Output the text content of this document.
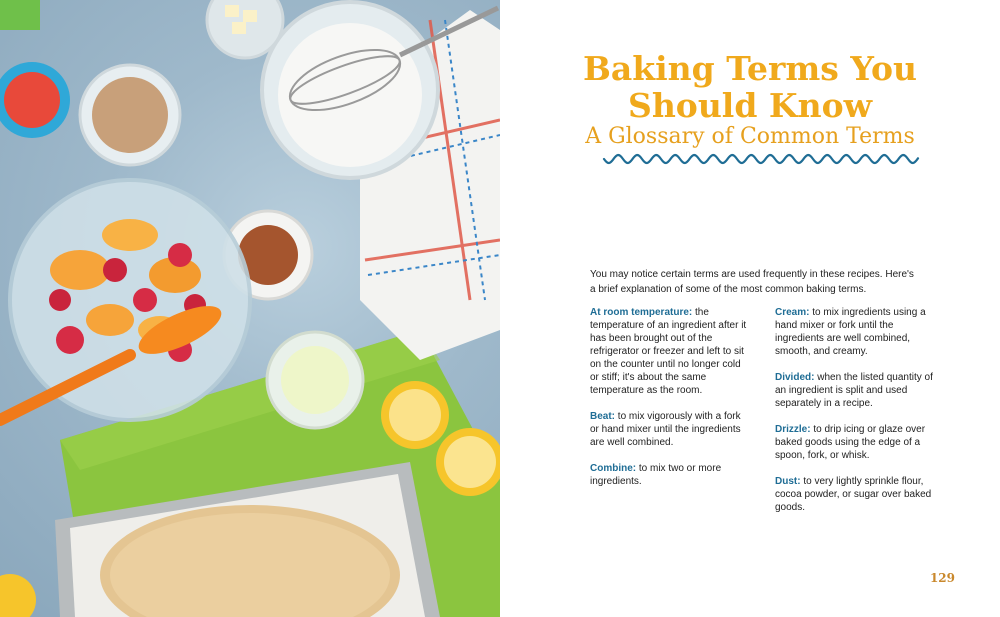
Baking Terms You
Should Know
A Glossary of Common Terms
You may notice certain terms are used frequently in these recipes. Here's a brief explanation of some of the most common baking terms.
At room temperature: the temperature of an ingredient after it has been brought out of the refrigerator or freezer and left to sit on the counter until no longer cold or stiff; it's about the same temperature as the room.
Beat: to mix vigorously with a fork or hand mixer until the ingredients are well combined.
Combine: to mix two or more ingredients.
Cream: to mix ingredients using a hand mixer or fork until the ingredients are well combined, smooth, and creamy.
Divided: when the listed quantity of an ingredient is split and used separately in a recipe.
Drizzle: to drip icing or glaze over baked goods using the edge of a spoon, fork, or whisk.
Dust: to very lightly sprinkle flour, cocoa powder, or sugar over baked goods.
129
